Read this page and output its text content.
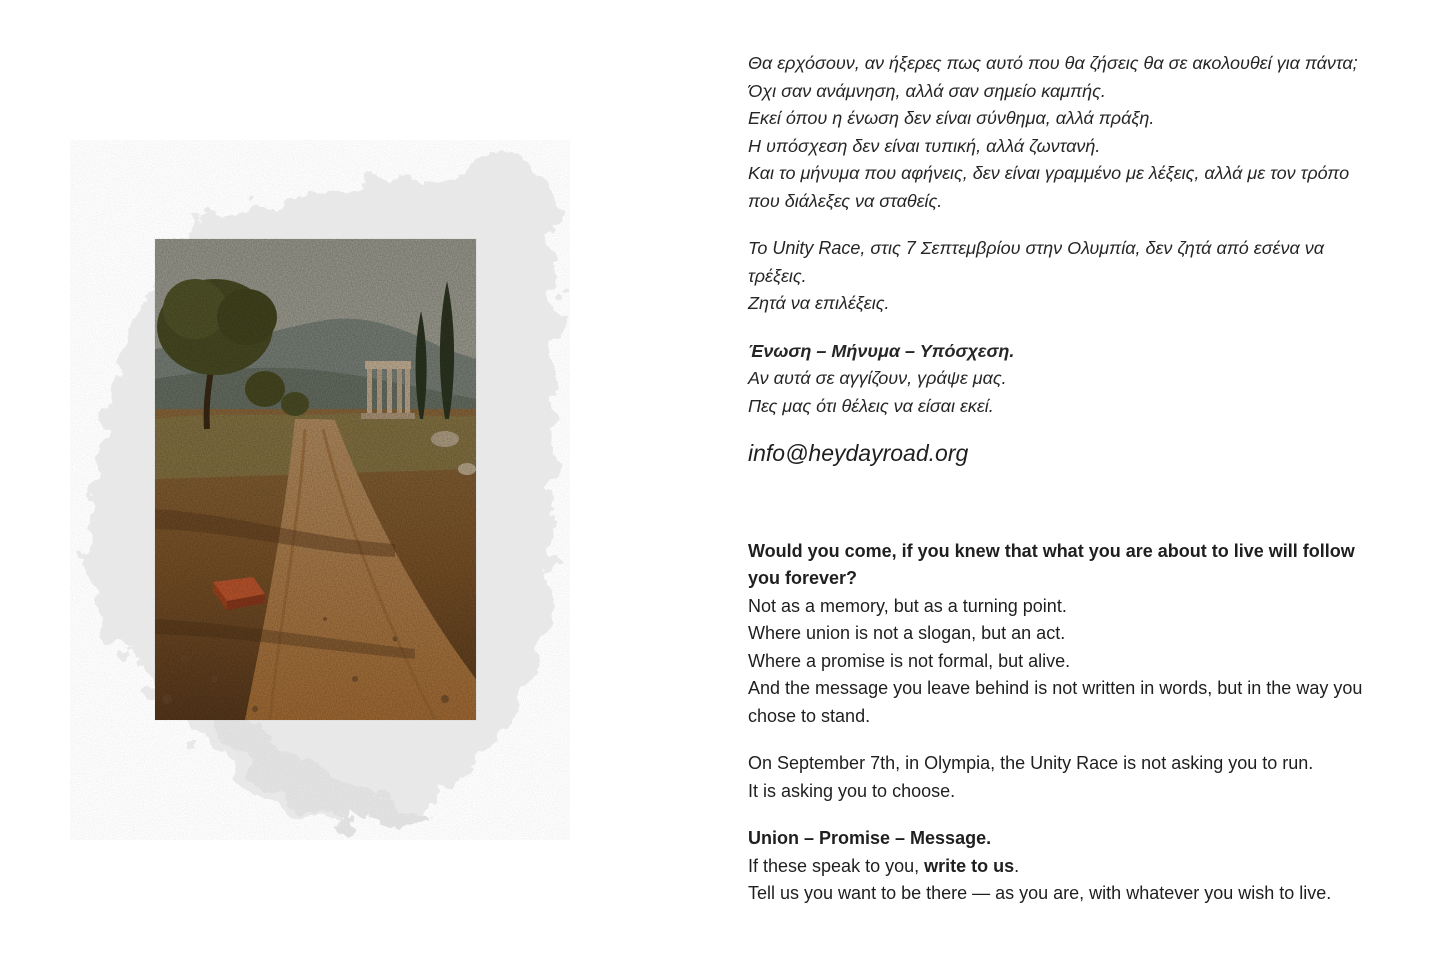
Θα ερχόσουν, αν ήξερες πως αυτό που θα ζήσεις θα σε ακολουθεί για πάντα;
Όχι σαν ανάμνηση, αλλά σαν σημείο καμπής.
Εκεί όπου η ένωση δεν είναι σύνθημα, αλλά πράξη.
Η υπόσχεση δεν είναι τυπική, αλλά ζωντανή.
Και το μήνυμα που αφήνεις, δεν είναι γραμμένο με λέξεις, αλλά με τον τρόπο
που διάλεξες να σταθείς.

Το Unity Race, στις 7 Σεπτεμβρίου στην Ολυμπία, δεν ζητά από εσένα να
τρέξεις.
Ζητά να επιλέξεις.

Ένωση – Μήνυμα – Υπόσχεση.
Αν αυτά σε αγγίζουν, γράψε μας.
Πες μας ότι θέλεις να είσαι εκεί.

info@heydayroad.org

Would you come, if you knew that what you are about to live will follow you forever?
Not as a memory, but as a turning point.
Where union is not a slogan, but an act.
Where a promise is not formal, but alive.
And the message you leave behind is not written in words, but in the way you chose to stand.

On September 7th, in Olympia, the Unity Race is not asking you to run.
It is asking you to choose.

Union – Promise – Message.
If these speak to you, write to us.
Tell us you want to be there — as you are, with whatever you wish to live.
